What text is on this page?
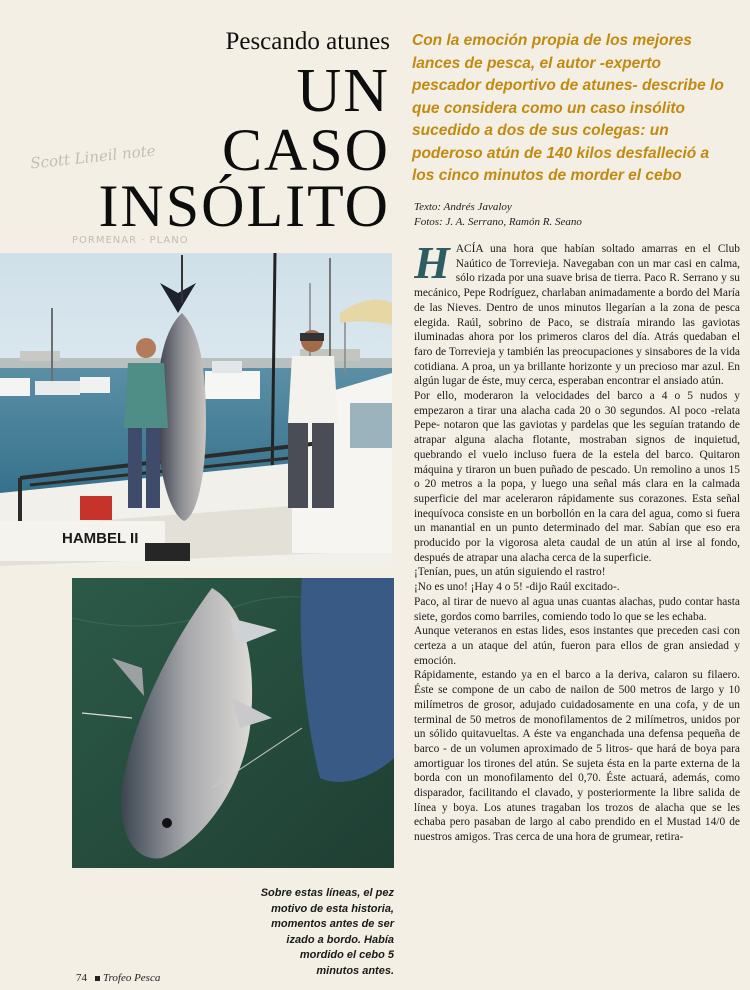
Scott Lineil note
PORMENAR · PLANO
Pescando atunes
UN
CASO
INSÓLITO
Con la emoción propia de los mejores lances de pesca, el autor -experto pescador deportivo de atunes- describe lo que considera como un caso insólito sucedido a dos de sus colegas: un poderoso atún de 140 kilos desfalleció a los cinco minutos de morder el cebo
Texto: Andrés Javaloy
Fotos: J. A. Serrano, Ramón R. Seano
HAMBEL II
Sobre estas líneas, el pez motivo de esta historia, momentos antes de ser izado a bordo. Había mordido el cebo 5 minutos antes.

HACÍA una hora que habían soltado amarras en el Club Naútico de Torrevieja. Navegaban con un mar casi en calma, sólo rizada por una suave brisa de tierra. Paco R. Serrano y su mecánico, Pepe Rodríguez, charlaban animadamente a bordo del María de las Nieves. Dentro de unos minutos llegarían a la zona de pesca elegida. Raúl, sobrino de Paco, se distraía mirando las gaviotas iluminadas ahora por los primeros claros del día. Atrás quedaban el faro de Torrevieja y también las preocupaciones y sinsabores de la vida cotidiana. A proa, un ya brillante horizonte y un precioso mar azul. En algún lugar de éste, muy cerca, esperaban encontrar el ansiado atún.

Por ello, moderaron la velocidades del barco a 4 o 5 nudos y empezaron a tirar una alacha cada 20 o 30 segundos. Al poco -relata Pepe- notaron que las gaviotas y pardelas que les seguían tratando de atrapar alguna alacha flotante, mostraban signos de inquietud, quebrando el vuelo incluso fuera de la estela del barco. Quitaron máquina y tiraron un buen puñado de pescado. Un remolino a unos 15 o 20 metros a la popa, y luego una señal más clara en la calmada superficie del mar aceleraron rápidamente sus corazones. Esta señal inequívoca consiste en un borbollón en la cara del agua, como si fuera un manantial en un punto determinado del mar. Sabían que eso era producido por la vigorosa aleta caudal de un atún al irse al fondo, después de atrapar una alacha cerca de la superficie.

¡Tenían, pues, un atún siguiendo el rastro!

¡No es uno! ¡Hay 4 o 5! -dijo Raúl excitado-.

Paco, al tirar de nuevo al agua unas cuantas alachas, pudo contar hasta siete, gordos como barriles, comiendo todo lo que se les echaba.

Aunque veteranos en estas lides, esos instantes que preceden casi con certeza a un ataque del atún, fueron para ellos de gran ansiedad y emoción.

Rápidamente, estando ya en el barco a la deriva, calaron su filaero. Éste se compone de un cabo de nailon de 500 metros de largo y 10 milímetros de grosor, adujado cuidadosamente en una cofa, y de un terminal de 50 metros de monofilamentos de 2 milímetros, unidos por un sólido quitavueltas. A éste va enganchada una defensa pequeña de barco - de un volumen aproximado de 5 litros- que hará de boya para amortiguar los tirones del atún. Se sujeta ésta en la parte externa de la borda con un monofilamento del 0,70. Éste actuará, además, como disparador, facilitando el clavado, y posteriormente la libre salida de línea y boya. Los atunes tragaban los trozos de alacha que se les echaba pero pasaban de largo al cabo prendido en el Mustad 14/0 de nuestros amigos. Tras cerca de una hora de grumear, retira-

74 Trofeo Pesca
